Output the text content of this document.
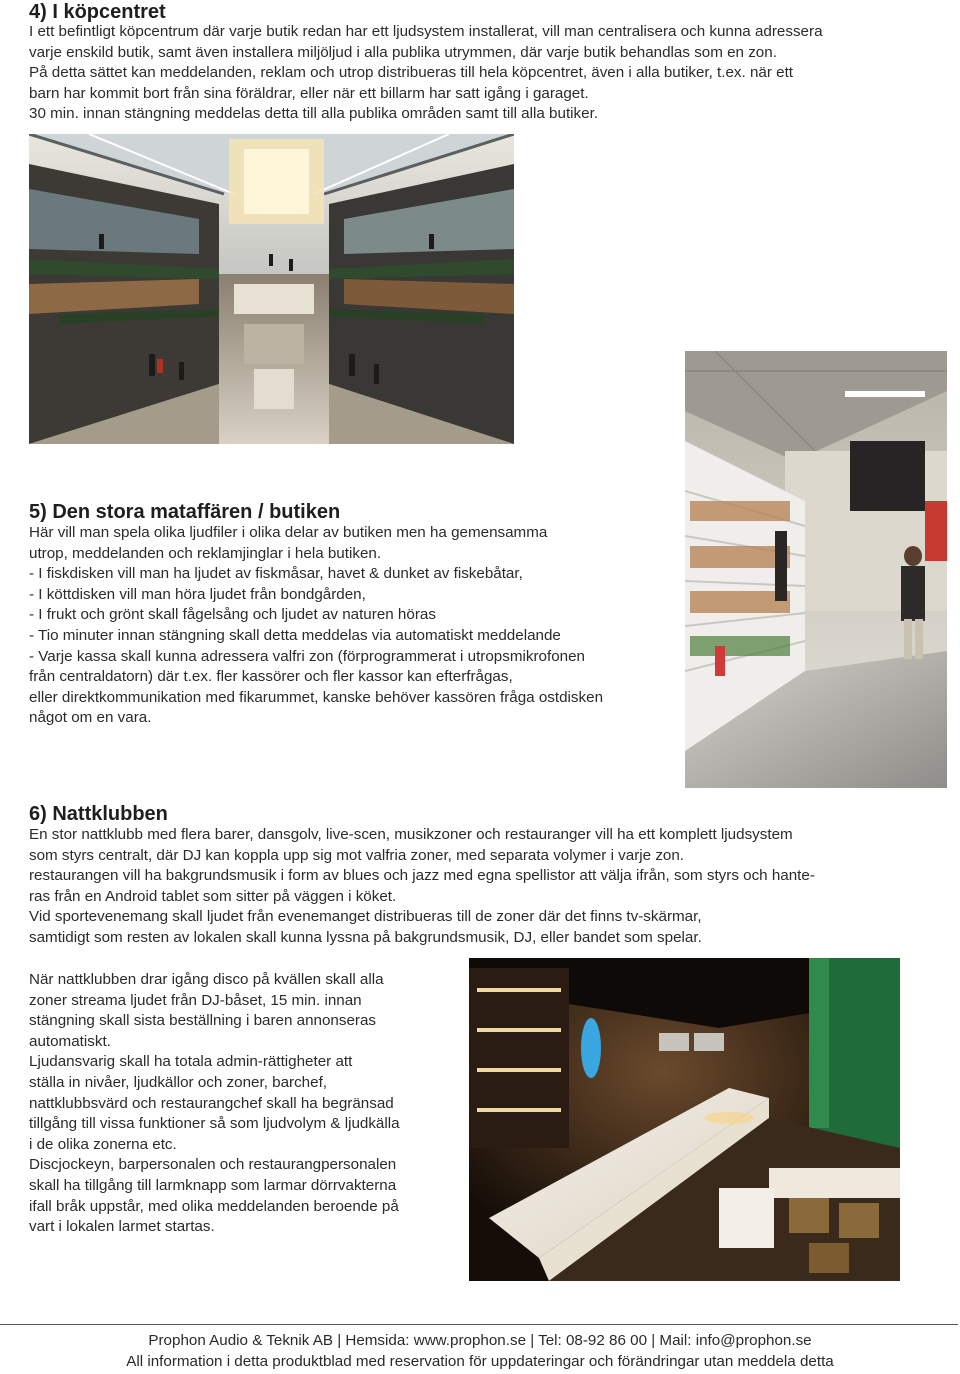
4) I köpcentret

I ett befintligt köpcentrum där varje butik redan har ett ljudsystem installerat, vill man centralisera och kunna adressera
varje enskild butik, samt även installera miljöljud i alla publika utrymmen, där varje butik behandlas som en zon.
På detta sättet kan meddelanden, reklam och utrop distribueras till hela köpcentret, även i alla butiker, t.ex. när ett
barn har kommit bort från sina föräldrar, eller när ett billarm har satt igång i garaget.
30 min. innan stängning meddelas detta till alla publika områden samt till alla butiker.

5) Den stora mataffären / butiken

Här vill man spela olika ljudfiler i olika delar av butiken men ha gemensamma
utrop, meddelanden och reklamjinglar i hela butiken.
- I fiskdisken vill man ha ljudet av fiskmåsar, havet & dunket av fiskebåtar,
- I köttdisken vill man höra ljudet från bondgården,
- I frukt och grönt skall fågelsång och ljudet av naturen höras
- Tio minuter innan stängning skall detta meddelas via automatiskt meddelande
- Varje kassa skall kunna adressera valfri zon (förprogrammerat i utropsmikrofonen
från centraldatorn) där t.ex. fler kassörer och fler kassor kan efterfrågas,
eller direktkommunikation med fikarummet, kanske behöver kassören fråga ostdisken
något om en vara.

6) Nattklubben

En stor nattklubb med flera barer, dansgolv, live-scen, musikzoner och restauranger vill ha ett komplett ljudsystem
som styrs centralt, där DJ kan koppla upp sig mot valfria zoner, med separata volymer i varje zon.
restaurangen vill ha bakgrundsmusik i form av blues och jazz med egna spellistor att välja ifrån, som styrs och hante-
ras från en Android tablet som sitter på väggen i köket.
Vid sportevenemang skall ljudet från evenemanget distribueras till de zoner där det finns tv-skärmar,
samtidigt som resten av lokalen skall kunna lyssna på bakgrundsmusik, DJ, eller bandet som spelar.

När nattklubben drar igång disco på kvällen skall alla
zoner streama ljudet från DJ-båset, 15 min. innan
stängning skall sista beställning i baren annonseras
automatiskt.
Ljudansvarig skall ha totala admin-rättigheter att
ställa in nivåer, ljudkällor och zoner, barchef,
nattklubbsvärd och restaurangchef skall ha begränsad
tillgång till vissa funktioner så som ljudvolym & ljudkälla
i de olika zonerna etc.
Discjockeyn, barpersonalen och restaurangpersonalen
skall ha tillgång till larmknapp som larmar dörrvakterna
ifall bråk uppstår, med olika meddelanden beroende på
vart i lokalen larmet startas.

Prophon Audio & Teknik AB | Hemsida: www.prophon.se | Tel: 08-92 86 00 | Mail: info@prophon.se
All information i detta produktblad med reservation för uppdateringar och förändringar utan meddela detta
